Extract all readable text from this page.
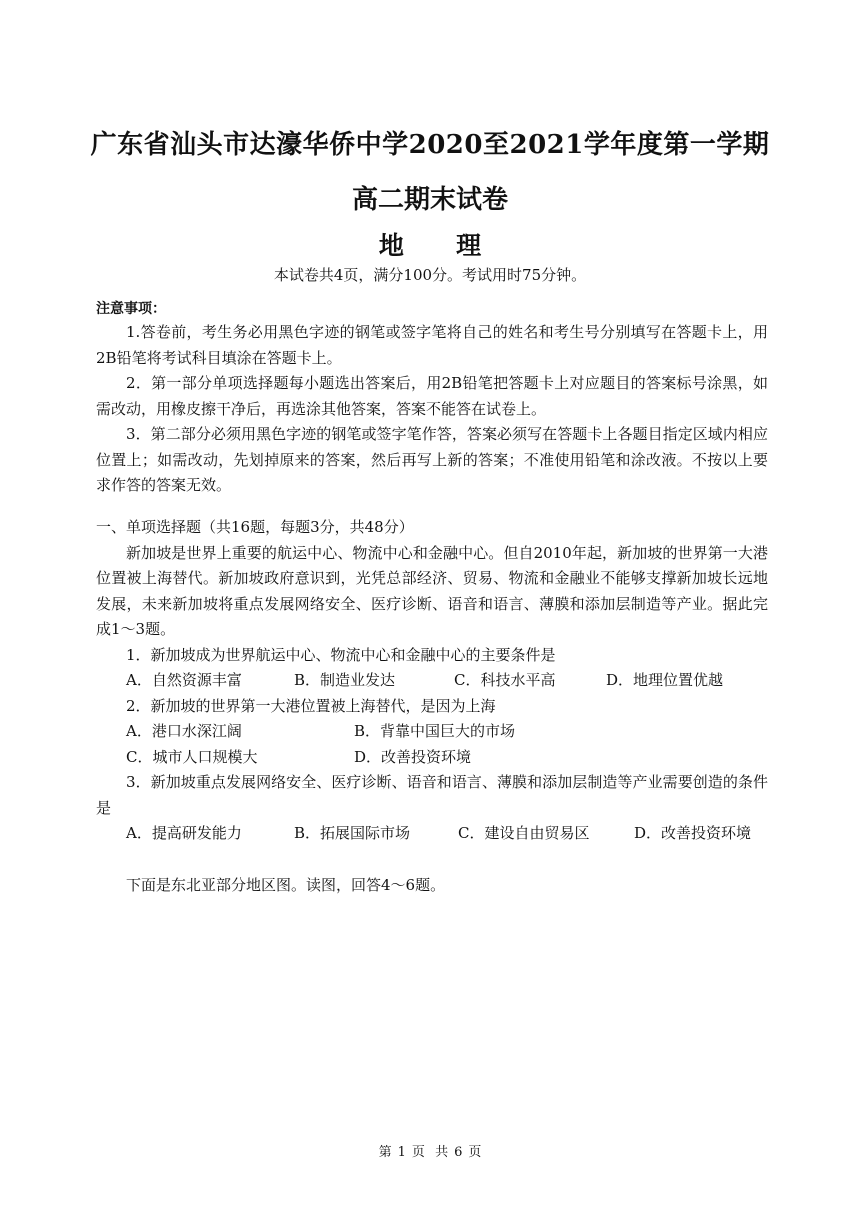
广东省汕头市达濠华侨中学2020至2021学年度第一学期
高二期末试卷
地      理
本试卷共4页，满分100分。考试用时75分钟。
注意事项：

1.答卷前，考生务必用黑色字迹的钢笔或签字笔将自己的姓名和考生号分别填写在答题卡上，用2B铅笔将考试科目填涂在答题卡上。

2．第一部分单项选择题每小题选出答案后，用2B铅笔把答题卡上对应题目的答案标号涂黑，如需改动，用橡皮擦干净后，再选涂其他答案，答案不能答在试卷上。

3．第二部分必须用黑色字迹的钢笔或签字笔作答，答案必须写在答题卡上各题目指定区域内相应位置上；如需改动，先划掉原来的答案，然后再写上新的答案；不准使用铅笔和涂改液。不按以上要求作答的答案无效。

一、单项选择题（共16题，每题3分，共48分）

新加坡是世界上重要的航运中心、物流中心和金融中心。但自2010年起，新加坡的世界第一大港位置被上海替代。新加坡政府意识到，光凭总部经济、贸易、物流和金融业不能够支撑新加坡长远地发展，未来新加坡将重点发展网络安全、医疗诊断、语音和语言、薄膜和添加层制造等产业。据此完成1～3题。

1．新加坡成为世界航运中心、物流中心和金融中心的主要条件是

A．自然资源丰富	B．制造业发达	C．科技水平高	D．地理位置优越

2．新加坡的世界第一大港位置被上海替代，是因为上海

A．港口水深江阔	B．背靠中国巨大的市场
C．城市人口规模大	D．改善投资环境

3．新加坡重点发展网络安全、医疗诊断、语音和语言、薄膜和添加层制造等产业需要创造的条件是

A．提高研发能力	B．拓展国际市场	C．建设自由贸易区	D．改善投资环境

下面是东北亚部分地区图。读图，回答4～6题。

第 1 页 共 6 页
